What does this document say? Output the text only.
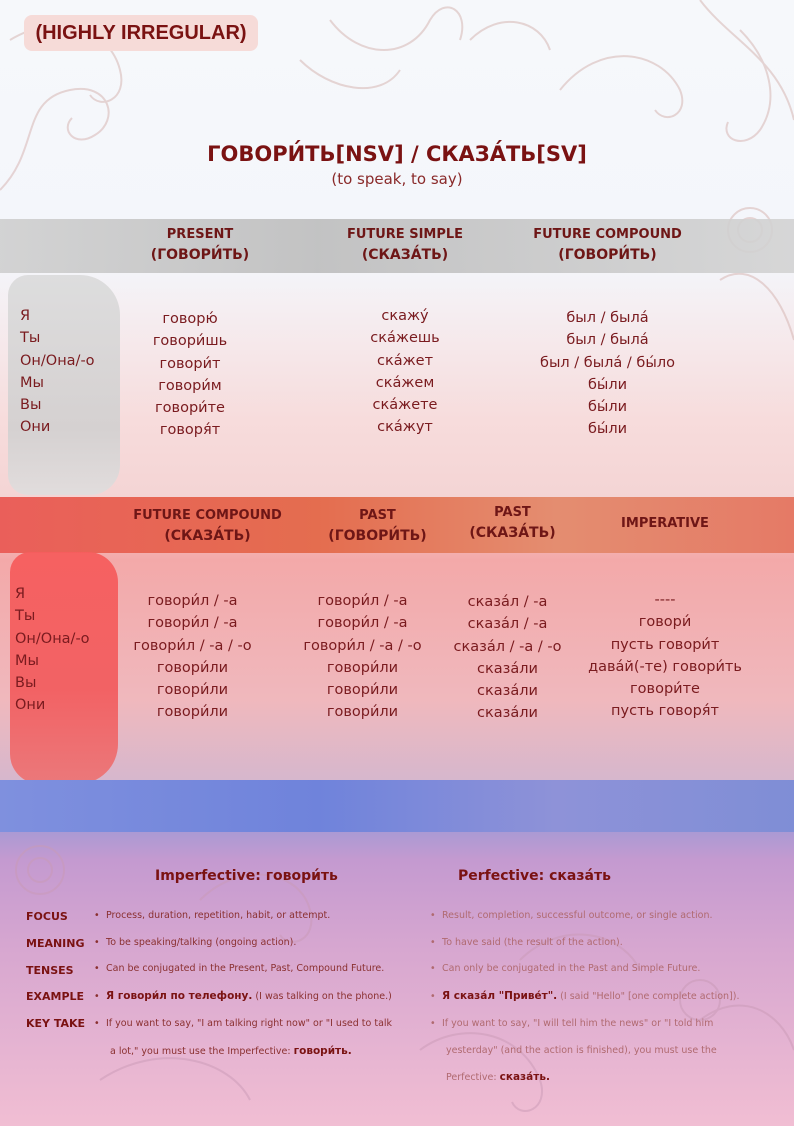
(HIGHLY IRREGULAR)
ГОВОРИ́ТЬ[NSV] / СКАЗА́ТЬ[SV]
(to speak, to say)
PRESENT
(ГОВОРИ́ТЬ)
FUTURE SIMPLE
(СКАЗА́ТЬ)
FUTURE COMPOUND
(ГОВОРИ́ТЬ)
Я
Ты
Он/Она/-о
Мы
Вы
Они
говорю́
говори́шь
говори́т
говори́м
говори́те
говоря́т
скажу́
ска́жешь
ска́жет
ска́жем
ска́жете
ска́жут
был / была́
был / была́
был / была́ / бы́ло
бы́ли
бы́ли
бы́ли
FUTURE COMPOUND
(СКАЗА́ТЬ)
PAST
(ГОВОРИ́ТЬ)
PAST
(СКАЗА́ТЬ)
IMPERATIVE
Я
Ты
Он/Она/-о
Мы
Вы
Они
говори́л / -а
говори́л / -а
говори́л / -а / -о
говори́ли
говори́ли
говори́ли
говори́л / -а
говори́л / -а
говори́л / -а / -о
говори́ли
говори́ли
говори́ли
сказа́л / -а
сказа́л / -а
сказа́л / -а / -о
сказа́ли
сказа́ли
сказа́ли
----
говори́
пусть говори́т
дава́й(-те) говори́ть
говори́те
пусть говоря́т
Imperfective: говори́ть	Perfective: сказа́ть
FOCUS
MEANING
TENSES
EXAMPLE
KEY TAKE
• Process, duration, repetition, habit, or attempt.
• To be speaking/talking (ongoing action).
• Can be conjugated in the Present, Past, Compound Future.
• Я говори́л по телефону. (I was talking on the phone.)
• If you want to say, "I am talking right now" or "I used to talk
a lot," you must use the Imperfective: говори́ть.
• Result, completion, successful outcome, or single action.
• To have said (the result of the action).
• Can only be conjugated in the Past and Simple Future.
• Я сказа́л "Приве́т". (I said "Hello" [one complete action]).
• If you want to say, "I will tell him the news" or "I told him
yesterday" (and the action is finished), you must use the
Perfective: сказа́ть.
